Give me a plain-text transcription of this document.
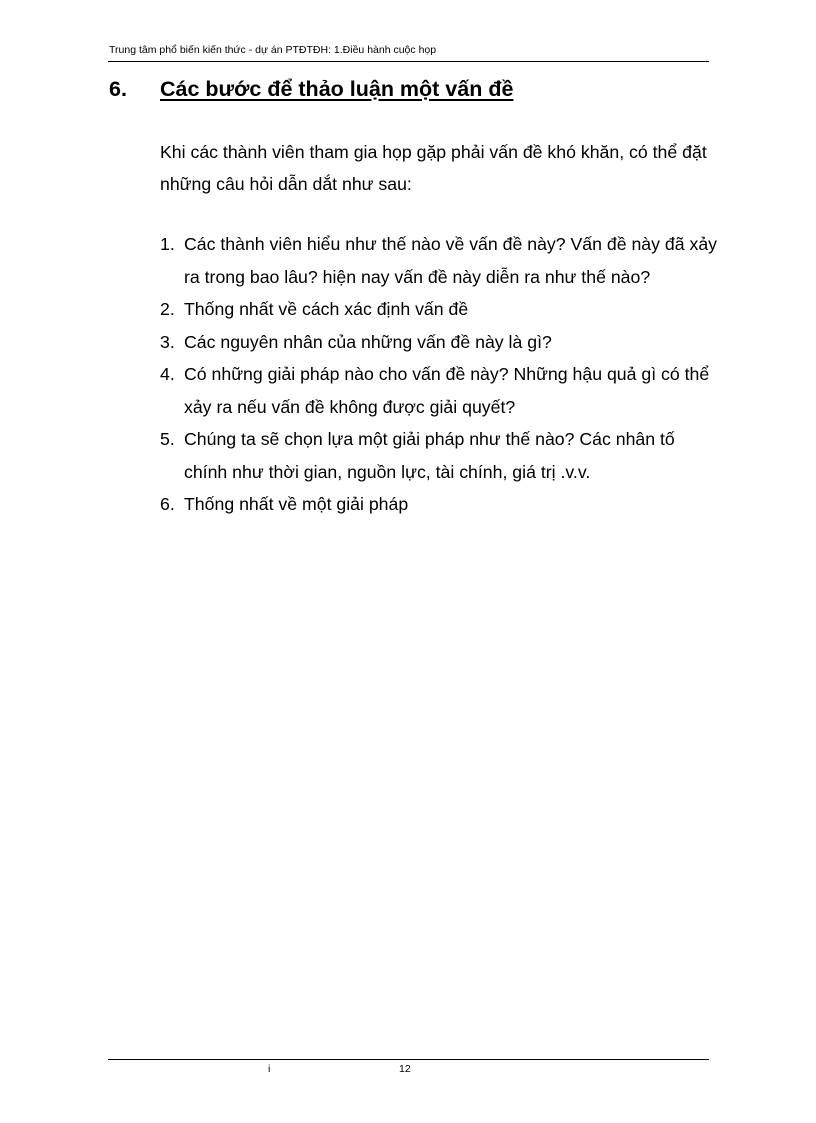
Trung tâm phổ biến kiến thức - dự án PTĐTĐH: 1.Điều hành cuộc họp
6. Các bước để thảo luận một vấn đề

Khi các thành viên tham gia họp gặp phải vấn đề khó khăn, có thể đặt những câu hỏi dẫn dắt như sau:

1. Các thành viên hiểu như thế nào về vấn đề này? Vấn đề này đã xảy ra trong bao lâu? hiện nay vấn đề này diễn ra như thế nào?
2. Thống nhất về cách xác định vấn đề
3. Các nguyên nhân của những vấn đề này là gì?
4. Có những giải pháp nào cho vấn đề này? Những hậu quả gì có thể xảy ra nếu vấn đề không được giải quyết?
5. Chúng ta sẽ chọn lựa một giải pháp như thế nào? Các nhân tố chính như thời gian, nguồn lực, tài chính, giá trị .v.v.
6. Thống nhất về một giải pháp
i	12
